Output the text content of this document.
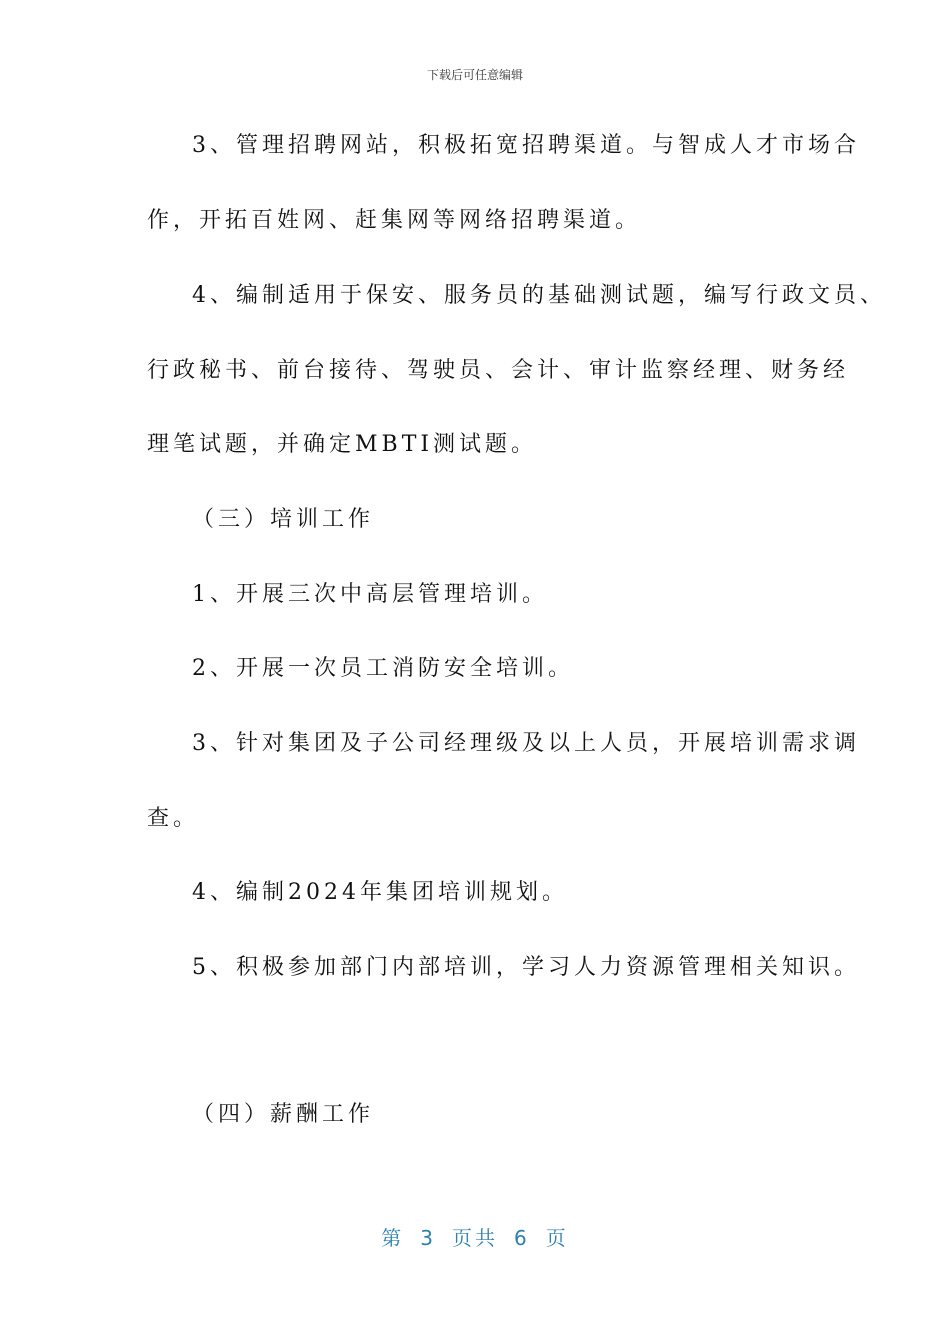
下载后可任意编辑
3、管理招聘网站，积极拓宽招聘渠道。与智成人才市场合
作，开拓百姓网、赶集网等网络招聘渠道。
4、编制适用于保安、服务员的基础测试题，编写行政文员、
行政秘书、前台接待、驾驶员、会计、审计监察经理、财务经
理笔试题，并确定MBTI测试题。
（三）培训工作
1、开展三次中高层管理培训。
2、开展一次员工消防安全培训。
3、针对集团及子公司经理级及以上人员，开展培训需求调
查。
4、编制2024年集团培训规划。
5、积极参加部门内部培训，学习人力资源管理相关知识。
（四）薪酬工作
第 3 页共 6 页
